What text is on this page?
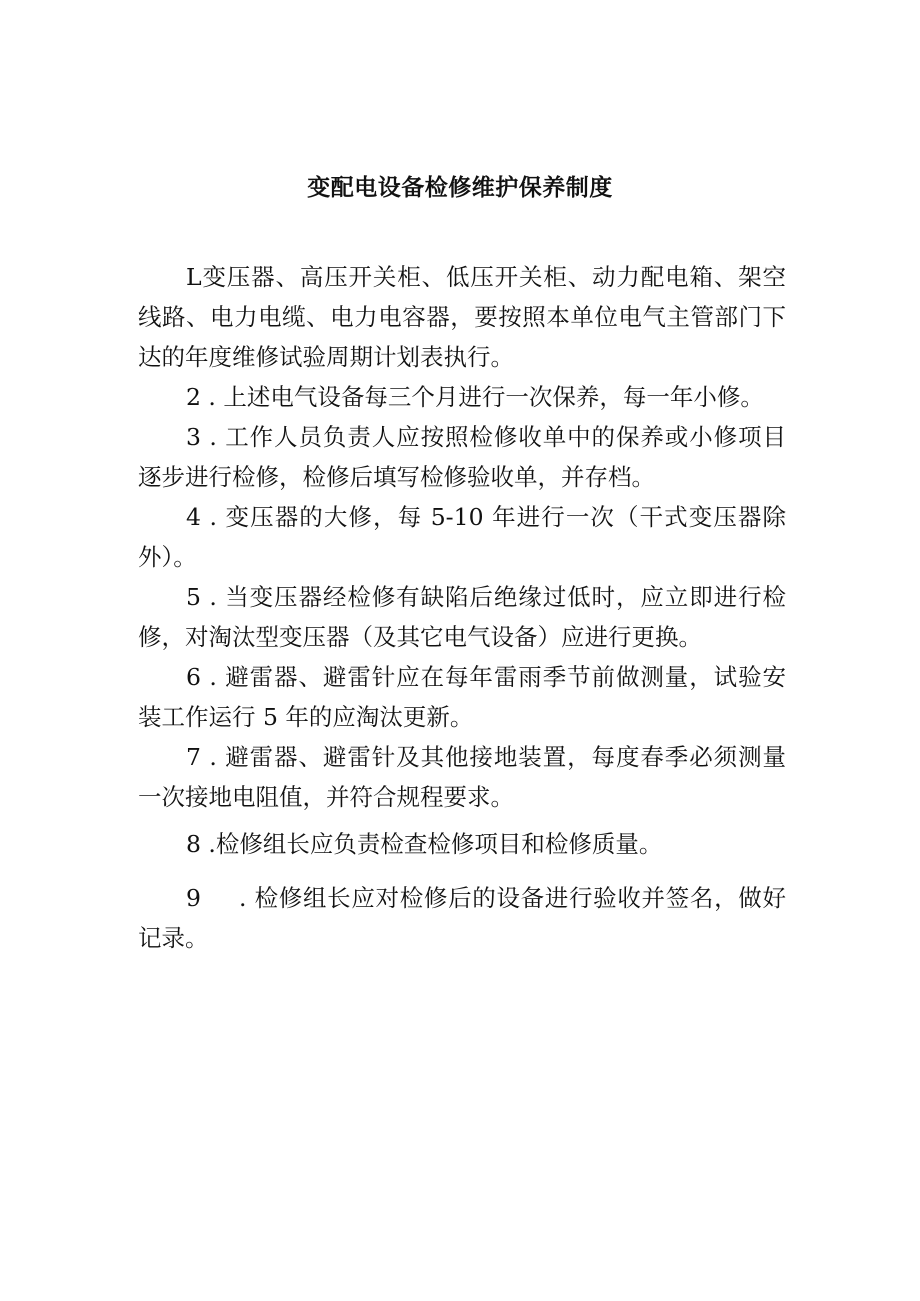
变配电设备检修维护保养制度

L变压器、高压开关柜、低压开关柜、动力配电箱、架空线路、电力电缆、电力电容器，要按照本单位电气主管部门下达的年度维修试验周期计划表执行。

2 . 上述电气设备每三个月进行一次保养，每一年小修。

3 . 工作人员负责人应按照检修收单中的保养或小修项目逐步进行检修，检修后填写检修验收单，并存档。

4 . 变压器的大修，每 5-10 年进行一次（干式变压器除外）。

5 . 当变压器经检修有缺陷后绝缘过低时，应立即进行检修，对淘汰型变压器（及其它电气设备）应进行更换。

6 . 避雷器、避雷针应在每年雷雨季节前做测量，试验安装工作运行 5 年的应淘汰更新。

7 . 避雷器、避雷针及其他接地装置，每度春季必须测量一次接地电阻值，并符合规程要求。

8 .检修组长应负责检查检修项目和检修质量。

9 . 检修组长应对检修后的设备进行验收并签名，做好记录。
